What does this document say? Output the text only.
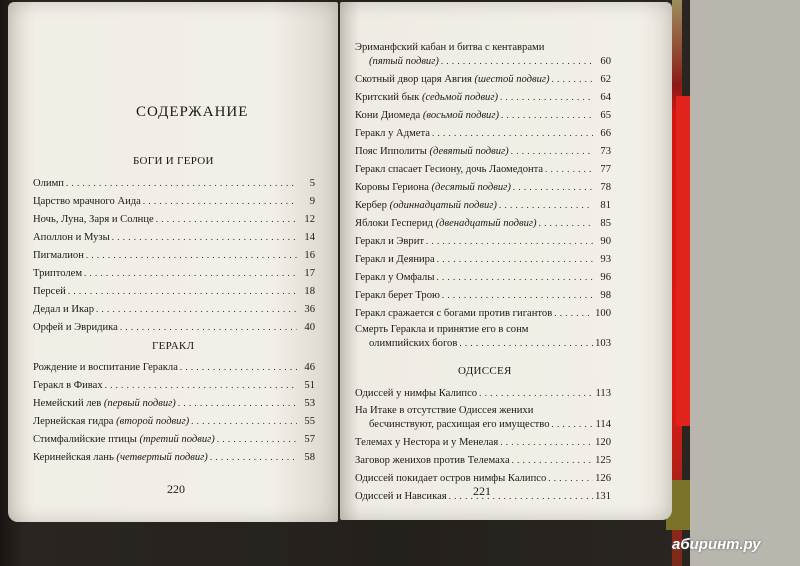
СОДЕРЖАНИЕ
БОГИ И ГЕРОИ
Олимп . . .	5
Царство мрачного Аида . . .	9
Ночь, Луна, Заря и Солнце . . .	12
Аполлон и Музы . . .	14
Пигмалион . . .	16
Триптолем . . .	17
Персей . . .	18
Дедал и Икар . . .	36
Орфей и Эвридика . . .	40
ГЕРАКЛ
Рождение и воспитание Геракла . . .	46
Геракл в Фивах . . .	51
Немейский лев (первый подвиг) . . .	53
Лернейская гидра (второй подвиг) . . .	55
Стимфалийские птицы (третий подвиг) . . .	57
Керинейская лань (четвертый подвиг) . . .	58
220
Эриманфский кабан и битва с кентаврами
(пятый подвиг) . . .	60
Скотный двор царя Авгия (шестой подвиг) . . .	62
Критский бык (седьмой подвиг) . . .	64
Кони Диомеда (восьмой подвиг) . . .	65
Геракл у Адмета . . .	66
Пояс Ипполиты (девятый подвиг) . . .	73
Геракл спасает Гесиону, дочь Лаомедонта . . .	77
Коровы Гериона (десятый подвиг) . . .	78
Кербер (одиннадцатый подвиг) . . .	81
Яблоки Гесперид (двенадцатый подвиг) . . .	85
Геракл и Эврит . . .	90
Геракл и Деянира . . .	93
Геракл у Омфалы . . .	96
Геракл берет Трою . . .	98
Геракл сражается с богами против гигантов . . .	100
Смерть Геракла и принятие его в сонм
олимпийских богов . . .	103
ОДИССЕЯ
Одиссей у нимфы Калипсо . . .	113
На Итаке в отсутствие Одиссея женихи
бесчинствуют, расхищая его имущество . . .	114
Телемах у Нестора и у Менелая . . .	120
Заговор женихов против Телемаха . . .	125
Одиссей покидает остров нимфы Калипсо . . .	126
Одиссей и Навсикая . . .	131
221
абиринт.ру
